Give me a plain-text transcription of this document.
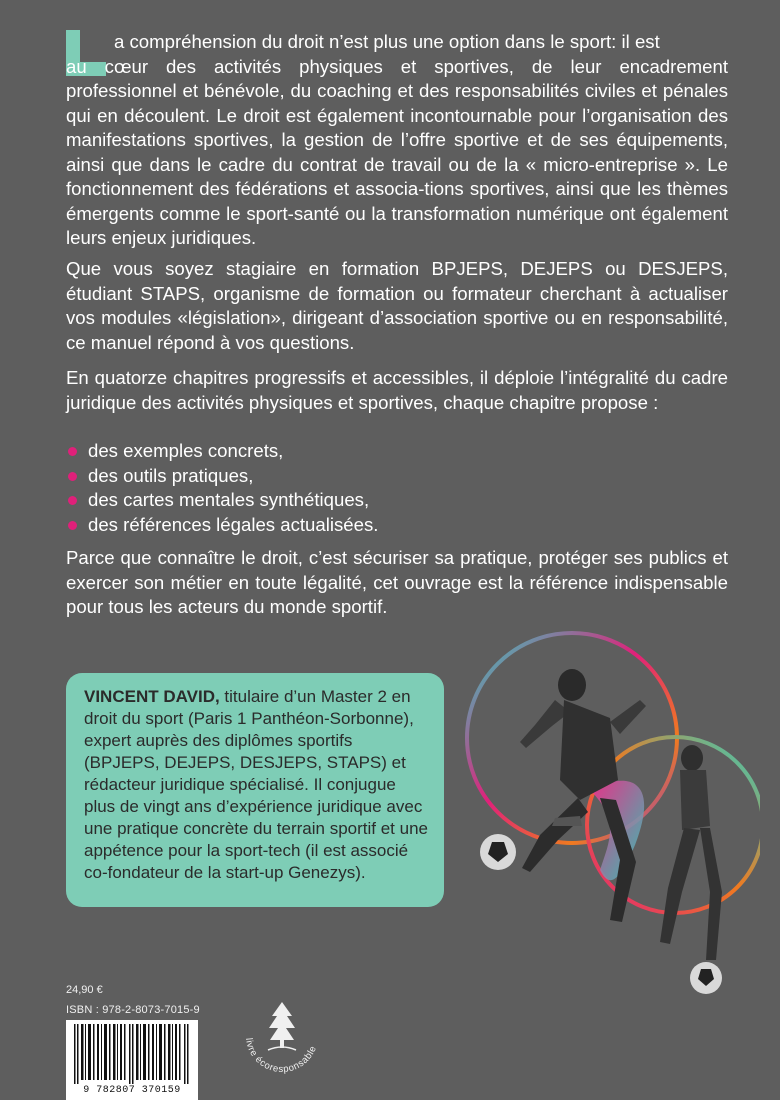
a compréhension du droit n’est plus une option dans le sport: il est
au cœur des activités physiques et sportives, de leur encadrement professionnel et bénévole, du coaching et des responsabilités civiles et pénales qui en découlent. Le droit est également incontournable pour l’organisation des manifestations sportives, la gestion de l’offre sportive et de ses équipements, ainsi que dans le cadre du contrat de travail ou de la « micro-entreprise ». Le fonctionnement des fédérations et associa-tions sportives, ainsi que les thèmes émergents comme le sport-santé ou la transformation numérique ont également leurs enjeux juridiques.
Que vous soyez stagiaire en formation BPJEPS, DEJEPS ou DESJEPS, étudiant STAPS, organisme de formation ou formateur cherchant à actualiser vos modules «législation», dirigeant d’association sportive ou en responsabilité, ce manuel répond à vos questions.
En quatorze chapitres progressifs et accessibles, il déploie l’intégralité du cadre juridique des activités physiques et sportives, chaque chapitre propose :
des exemples concrets,
des outils pratiques,
des cartes mentales synthétiques,
des références légales actualisées.
Parce que connaître le droit, c’est sécuriser sa pratique, protéger ses publics et exercer son métier en toute légalité, cet ouvrage est la référence indispensable pour tous les acteurs du monde sportif.
VINCENT DAVID, titulaire d’un Master 2 en droit du sport (Paris 1 Panthéon-Sorbonne), expert auprès des diplômes sportifs (BPJEPS, DEJEPS, DESJEPS, STAPS) et rédacteur juridique spécialisé. Il conjugue plus de vingt ans d’expérience juridique avec une pratique concrète du terrain sportif et une appétence pour la sport-tech (il est associé co-fondateur de la start-up Genezys).
24,90 €
ISBN : 978-2-8073-7015-9
9 782807 370159
livre écoresponsable
